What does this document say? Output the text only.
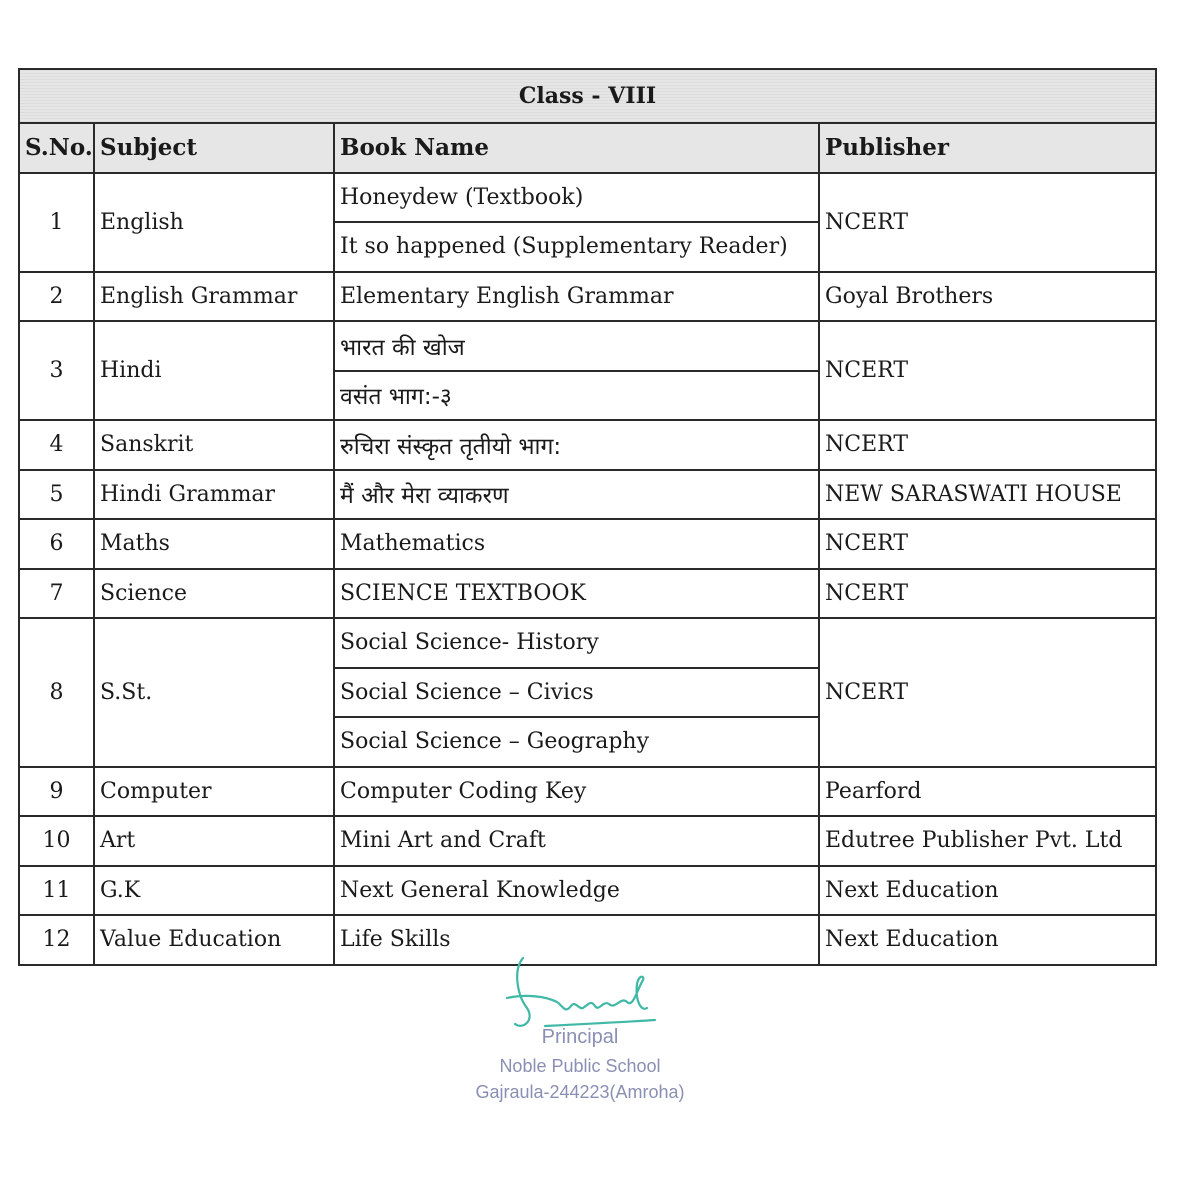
Class - VIII			
S.No.	Subject	Book Name	Publisher
1	English	Honeydew (Textbook)	NCERT
		It so happened (Supplementary Reader)	
2	English Grammar	Elementary English Grammar	Goyal Brothers
3	Hindi	भारत की खोज	NCERT
		वसंत भाग:-३	
4	Sanskrit	रुचिरा संस्कृत तृतीयो भाग:	NCERT
5	Hindi Grammar	मैं और मेरा व्याकरण	NEW SARASWATI HOUSE
6	Maths	Mathematics	NCERT
7	Science	SCIENCE TEXTBOOK	NCERT
8	S.St.	Social Science- History	NCERT
		Social Science – Civics	
		Social Science – Geography	
9	Computer	Computer Coding Key	Pearford
10	Art	Mini Art and Craft	Edutree Publisher Pvt. Ltd
11	G.K	Next General Knowledge	Next Education
12	Value Education	Life Skills	Next Education
Principal
Noble Public School
Gajraula-244223(Amroha)
